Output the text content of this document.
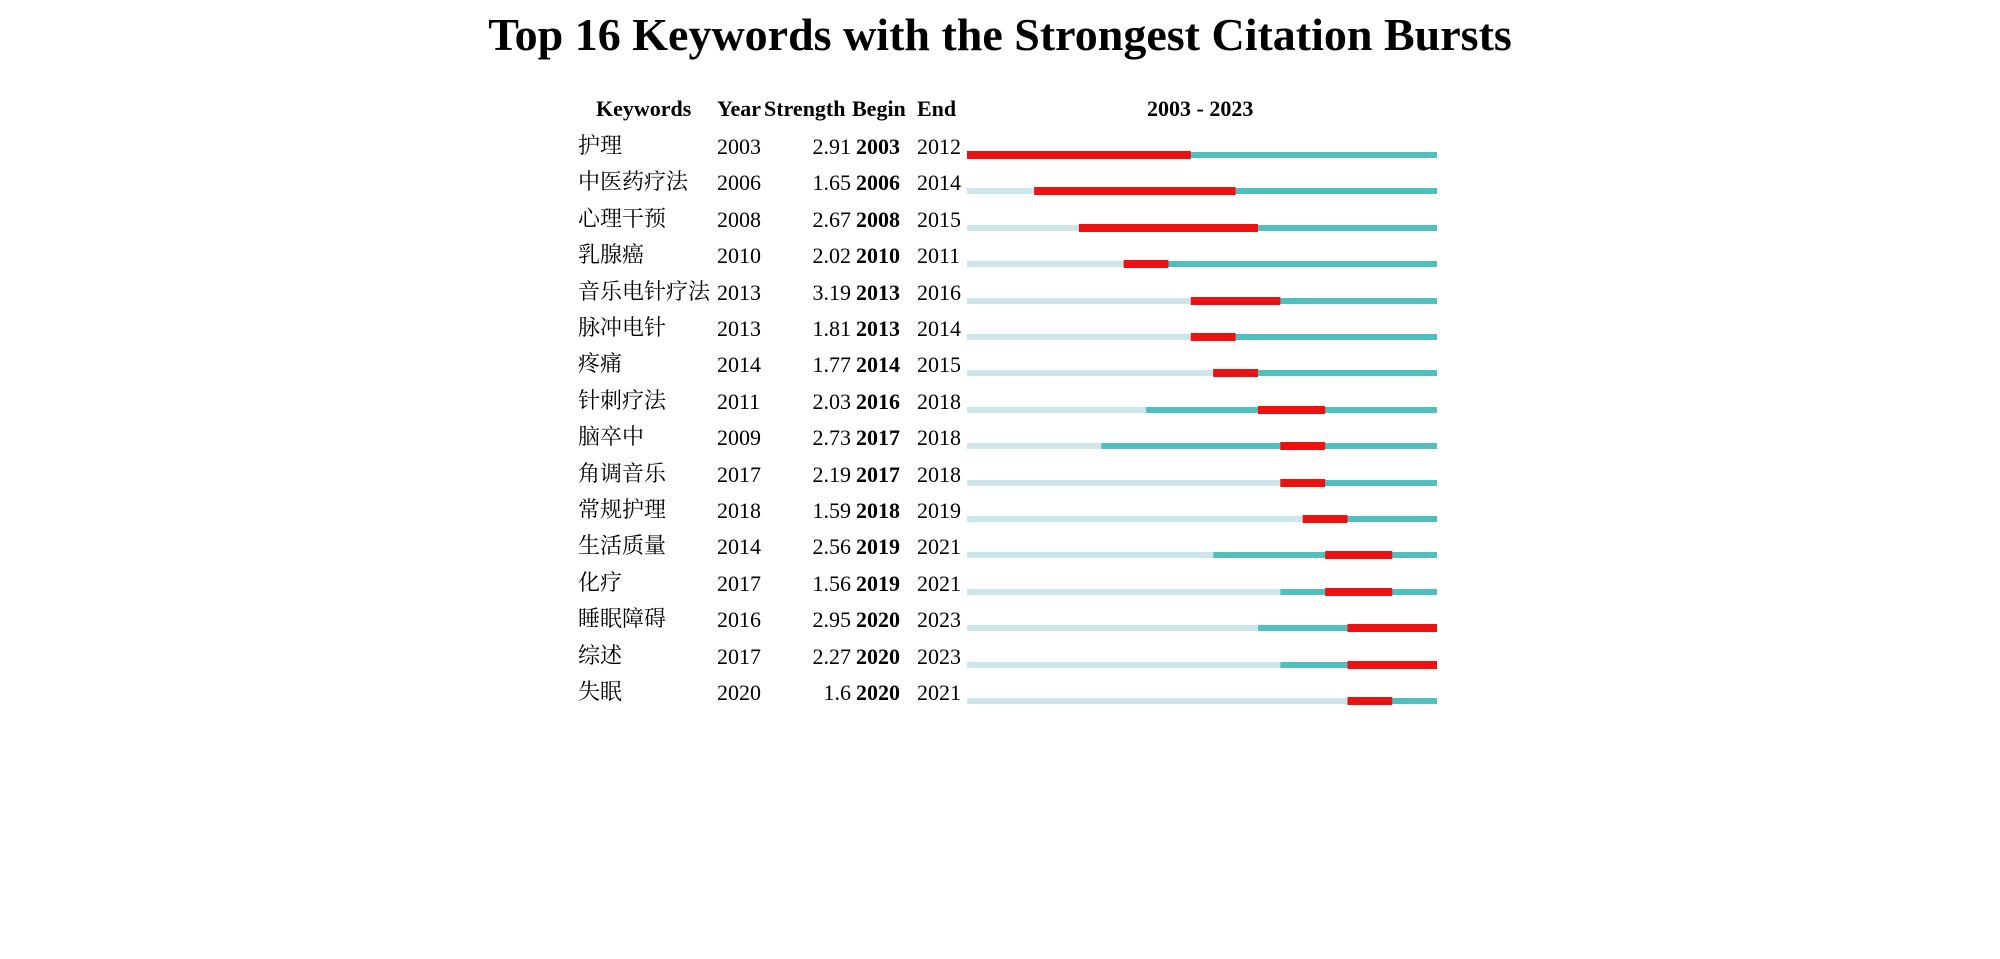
Top 16 Keywords with the Strongest Citation Bursts
Keywords Year Strength Begin End	2003 - 2023
护理	2003	2.91 2003 2012
中医药疗法 2006	1.65 2006 2014
心理干预 2008	2.67 2008 2015
乳腺癌	2010	2.02 2010 2011
音乐电针疗法 2013	3.19 2013 2016
脉冲电针 2013	1.81 2013 2014
疼痛	2014	1.77 2014 2015
针刺疗法 2011	2.03 2016 2018
脑卒中	2009	2.73 2017 2018
角调音乐 2017	2.19 2017 2018
常规护理 2018	1.59 2018 2019
生活质量 2014	2.56 2019 2021
化疗	2017	1.56 2019 2021
睡眠障碍 2016	2.95 2020 2023
综述	2017	2.27 2020 2023
失眠	2020	1.6 2020 2021
